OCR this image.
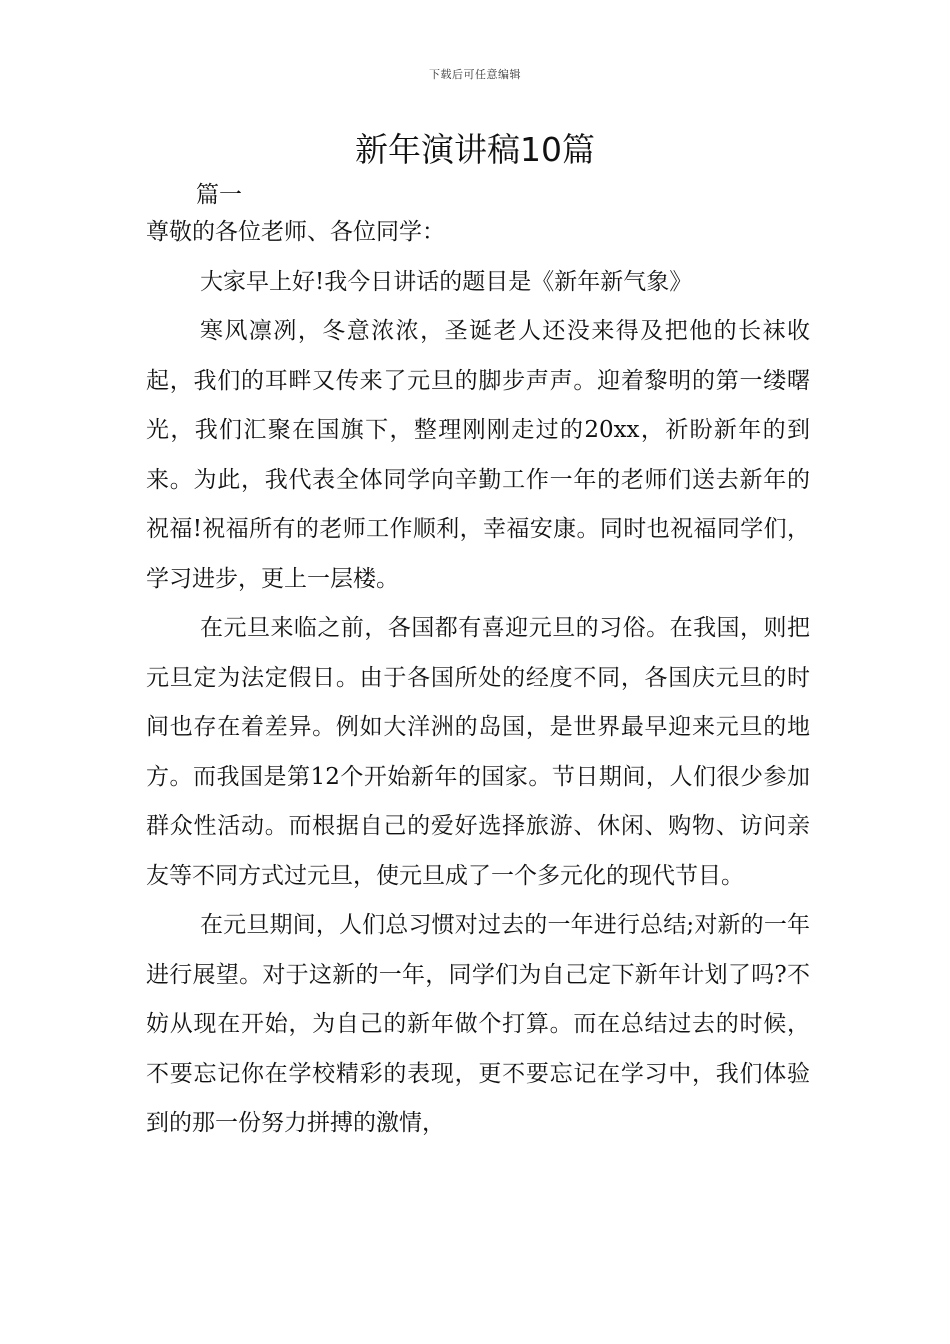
下载后可任意编辑
新年演讲稿10篇
篇一

尊敬的各位老师、各位同学：

大家早上好!我今日讲话的题目是《新年新气象》

寒风凛冽，冬意浓浓，圣诞老人还没来得及把他的长袜收起，我们的耳畔又传来了元旦的脚步声声。迎着黎明的第一缕曙光，我们汇聚在国旗下，整理刚刚走过的20xx，祈盼新年的到来。为此，我代表全体同学向辛勤工作一年的老师们送去新年的祝福!祝福所有的老师工作顺利，幸福安康。同时也祝福同学们，学习进步，更上一层楼。

在元旦来临之前，各国都有喜迎元旦的习俗。在我国，则把元旦定为法定假日。由于各国所处的经度不同，各国庆元旦的时间也存在着差异。例如大洋洲的岛国，是世界最早迎来元旦的地方。而我国是第12个开始新年的国家。节日期间，人们很少参加群众性活动。而根据自己的爱好选择旅游、休闲、购物、访问亲友等不同方式过元旦，使元旦成了一个多元化的现代节目。

在元旦期间，人们总习惯对过去的一年进行总结;对新的一年进行展望。对于这新的一年，同学们为自己定下新年计划了吗?不妨从现在开始，为自己的新年做个打算。而在总结过去的时候，不要忘记你在学校精彩的表现，更不要忘记在学习中，我们体验到的那一份努力拼搏的激情，
